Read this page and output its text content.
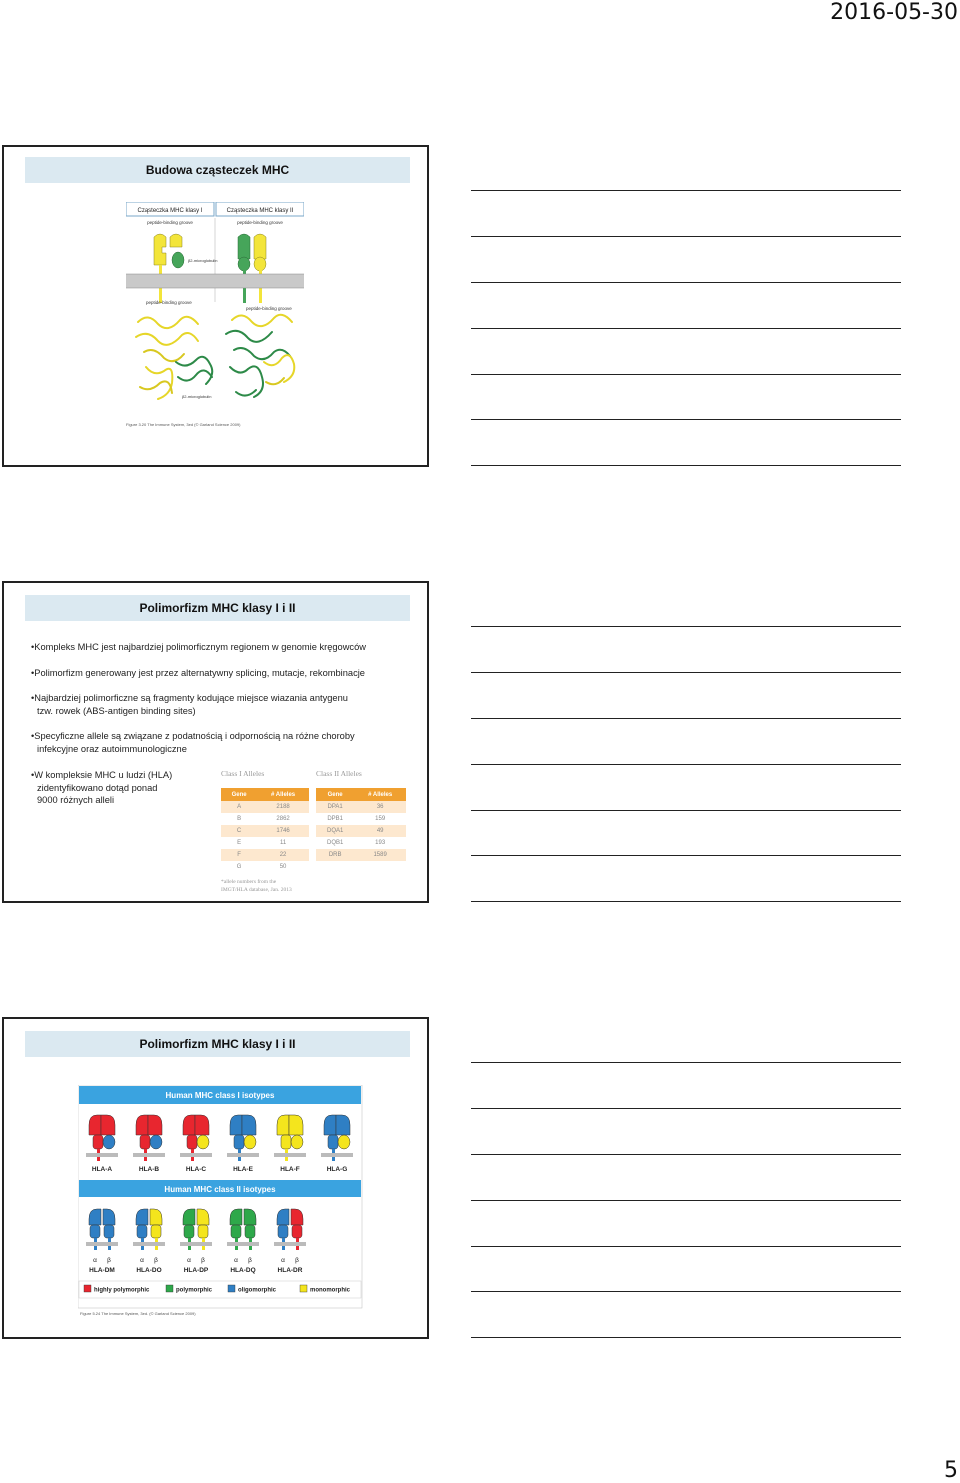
2016-05-30
Budowa cząsteczek MHC
Cząsteczka MHC klasy I	Cząsteczka MHC klasy II
peptide-binding groove	peptide-binding groove
β2-microglobulin
peptide-binding groove
peptide-binding groove
β2-microglobulin
Figure 3.20 The Immune System, 3ed (© Garland Science 2009)
Polimorfizm MHC klasy I i II
•Kompleks MHC jest najbardziej polimorficznym regionem w genomie kręgowców
•Polimorfizm generowany jest przez alternatywny splicing, mutacje, rekombinacje
•Najbardziej polimorficzne są fragmenty kodujące miejsce wiazania antygenu
tzw. rowek (ABS-antigen binding sites)
•Specyficzne allele są związane z podatnością i odpornością na różne choroby
infekcyjne oraz autoimmunologiczne
•W kompleksie MHC u ludzi (HLA)
zidentyfikowano dotąd ponad
9000 różnych alleli
Class I Alleles
Gene	# Alleles
A	2188
B	2862
C	1746
E	11
F	22
G	50
*allele numbers from the
IMGT/HLA database, Jan. 2013
Class II Alleles
Gene	# Alleles
DPA1	36
DPB1	159
DQA1	49
DQB1	193
DRB	1589
Polimorfizm MHC klasy I i II
Human MHC class I isotypes
HLA-A	HLA-B	HLA-C	HLA-E	HLA-F	HLA-G
Human MHC class II isotypes
α β
HLA-DM
α β
HLA-DO
α β
HLA-DP
α β
HLA-DQ
α β
HLA-DR
highly polymorphic	polymorphic	oligomorphic	monomorphic
Figure 5.24 The Immune System, 3ed. (© Garland Science 2009)
5
